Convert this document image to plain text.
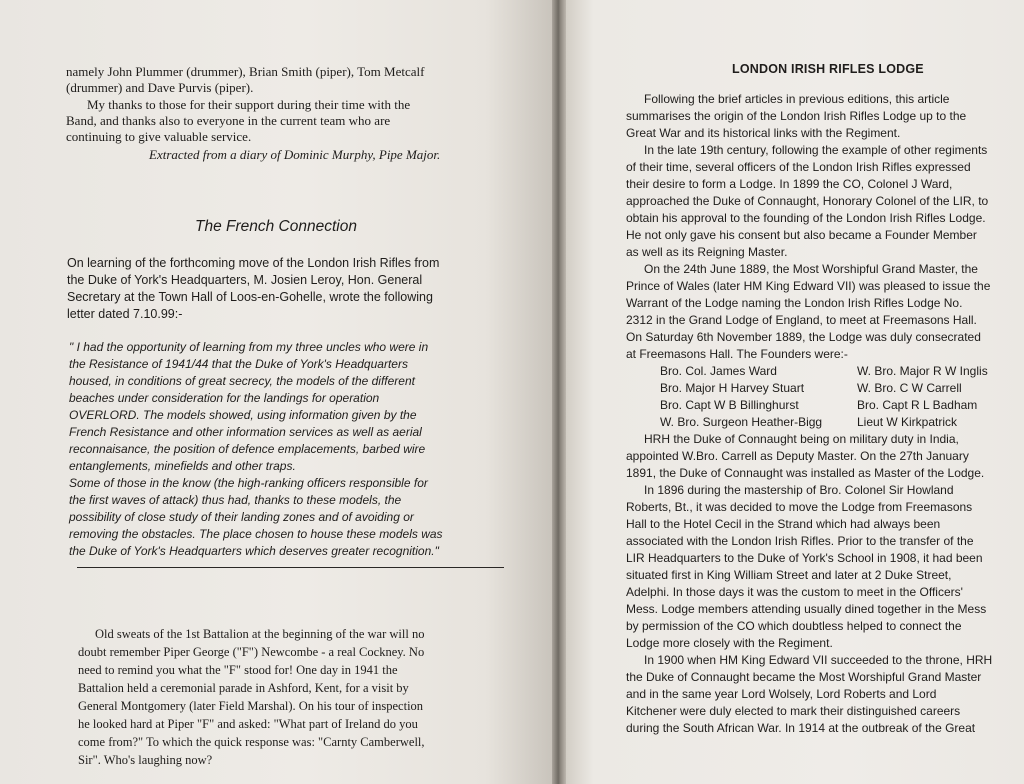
namely John Plummer (drummer), Brian Smith (piper), Tom Metcalf

(drummer) and Dave Purvis (piper).

My thanks to those for their support during their time with the

Band, and thanks also to everyone in the current team who are

continuing to give valuable service.

Extracted from a diary of Dominic Murphy, Pipe Major.

The French Connection

On learning of the forthcoming move of the London Irish Rifles from

the Duke of York's Headquarters, M. Josien Leroy, Hon. General

Secretary at the Town Hall of Loos-en-Gohelle, wrote the following

letter dated 7.10.99:-

" I had the opportunity of learning from my three uncles who were in

the Resistance of 1941/44 that the Duke of York's Headquarters

housed, in conditions of great secrecy, the models of the different

beaches under consideration for the landings for operation

OVERLORD. The models showed, using information given by the

French Resistance and other information services as well as aerial

reconnaisance, the position of defence emplacements, barbed wire

entanglements, minefields and other traps.

Some of those in the know (the high-ranking officers responsible for

the first waves of attack) thus had, thanks to these models, the

possibility of close study of their landing zones and of avoiding or

removing the obstacles. The place chosen to house these models was

the Duke of York's Headquarters which deserves greater recognition."

Old sweats of the 1st Battalion at the beginning of the war will no

doubt remember Piper George ("F") Newcombe - a real Cockney. No

need to remind you what the "F" stood for! One day in 1941 the

Battalion held a ceremonial parade in Ashford, Kent, for a visit by

General Montgomery (later Field Marshal). On his tour of inspection

he looked hard at Piper "F" and asked: "What part of Ireland do you

come from?" To which the quick response was: "Carnty Camberwell,

Sir". Who's laughing now?

LONDON IRISH RIFLES LODGE

Following the brief articles in previous editions, this article

summarises the origin of the London Irish Rifles Lodge up to the

Great War and its historical links with the Regiment.

In the late 19th century, following the example of other regiments

of their time, several officers of the London Irish Rifles expressed

their desire to form a Lodge. In 1899 the CO, Colonel J Ward,

approached the Duke of Connaught, Honorary Colonel of the LIR, to

obtain his approval to the founding of the London Irish Rifles Lodge.

He not only gave his consent but also became a Founder Member

as well as its Reigning Master.

On the 24th June 1889, the Most Worshipful Grand Master, the

Prince of Wales (later HM King Edward VII) was pleased to issue the

Warrant of the Lodge naming the London Irish Rifles Lodge No.

2312 in the Grand Lodge of England, to meet at Freemasons Hall.

On Saturday 6th November 1889, the Lodge was duly consecrated

at Freemasons Hall. The Founders were:-

Bro. Col. James Ward

Bro. Major H Harvey Stuart

Bro. Capt W B Billinghurst

W. Bro. Surgeon Heather-Bigg

W. Bro. Major R W Inglis

W. Bro. C W Carrell

Bro. Capt R L Badham

Lieut W Kirkpatrick

HRH the Duke of Connaught being on military duty in India,

appointed W.Bro. Carrell as Deputy Master. On the 27th January

1891, the Duke of Connaught was installed as Master of the Lodge.

In 1896 during the mastership of Bro. Colonel Sir Howland

Roberts, Bt., it was decided to move the Lodge from Freemasons

Hall to the Hotel Cecil in the Strand which had always been

associated with the London Irish Rifles. Prior to the transfer of the

LIR Headquarters to the Duke of York's School in 1908, it had been

situated first in King William Street and later at 2 Duke Street,

Adelphi. In those days it was the custom to meet in the Officers'

Mess. Lodge members attending usually dined together in the Mess

by permission of the CO which doubtless helped to connect the

Lodge more closely with the Regiment.

In 1900 when HM King Edward VII succeeded to the throne, HRH

the Duke of Connaught became the Most Worshipful Grand Master

and in the same year Lord Wolsely, Lord Roberts and Lord

Kitchener were duly elected to mark their distinguished careers

during the South African War. In 1914 at the outbreak of the Great
